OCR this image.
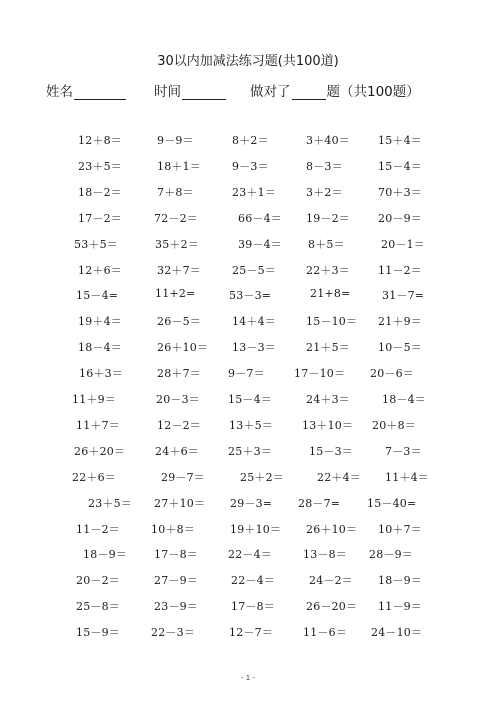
30以内加减法练习题(共100道)
姓名	时间	做对了	题（共100题）
12＋8＝	9－9＝	8＋2＝	3＋40＝	15＋4＝
23＋5＝	18＋1＝	9－3＝	8－3＝	15－4＝
18－2＝	7＋8＝	23＋1＝	3＋2＝	70＋3＝
17－2＝	72－2＝	66－4＝ 19－2＝	20－9＝
53＋5＝	35＋2＝	39－4＝ 8＋5＝	20－1＝
12＋6＝	32＋7＝	25－5＝	22＋3＝	11－2＝
15－4=	11+2=	53－3=	21+8=	31－7=
19＋4＝	26－5＝	14＋4＝	15－10＝ 21＋9＝
18－4＝	26＋10＝ 13－3＝	21＋5＝	10－5＝
16＋3＝	28＋7＝ 9－7＝	17－10＝ 20－6＝
11＋9＝	20－3＝	15－4＝	24＋3＝	18－4＝
11＋7＝	12－2＝	13＋5＝	13＋10＝ 20＋8＝
26＋20＝	24＋6＝	25＋3＝	15－3＝	7－3＝
22＋6＝	29－7＝	25＋2＝	22＋4＝ 11＋4＝
23＋5＝ 27＋10＝ 29－3= 28－7= 15－40=
11－2＝	10＋8＝	19＋10＝ 26＋10＝ 10＋7＝
18－9＝ 17－8＝	22－4＝	13－8＝ 28－9＝
20－2＝	27－9＝	22－4＝	24－2＝ 18－9＝
25－8＝	23－9＝	17－8＝	26－20＝ 11－9＝
15－9＝	22－3＝	12－7＝	11－6＝ 24－10＝
- 1 -
